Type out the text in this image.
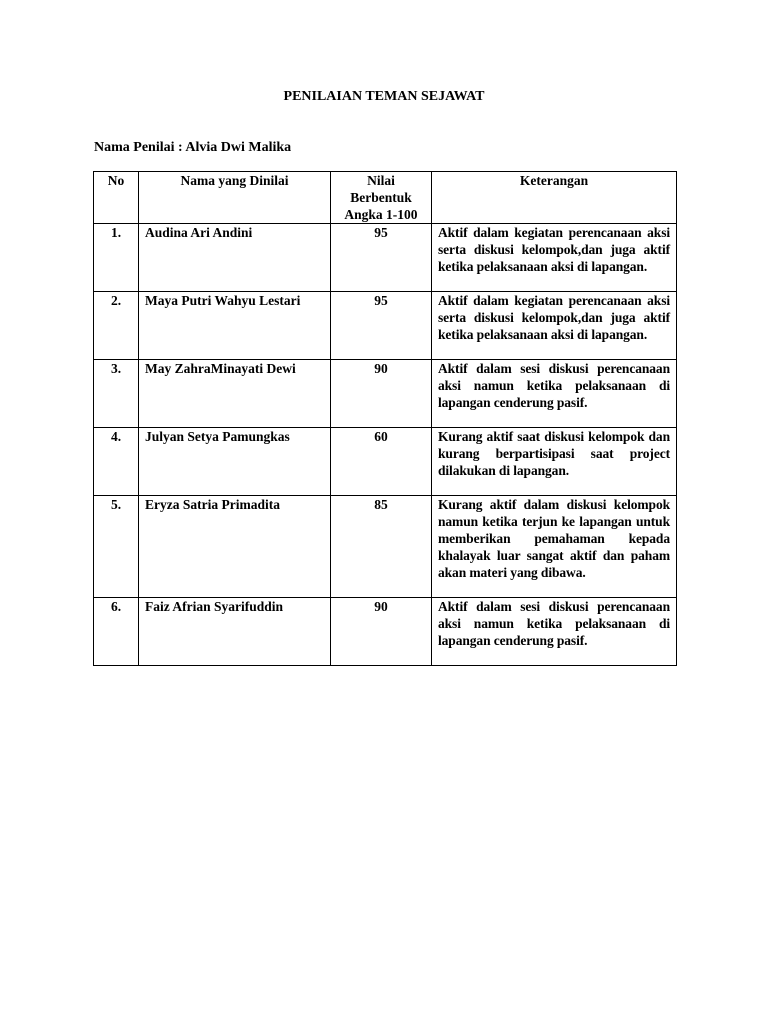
PENILAIAN TEMAN SEJAWAT
Nama Penilai : Alvia Dwi Malika
No	Nama yang Dinilai	Nilai Berbentuk Angka 1-100	Keterangan
1.	Audina Ari Andini	95	Aktif dalam kegiatan perencanaan aksi serta diskusi kelompok,dan juga aktif ketika pelaksanaan aksi di lapangan.
2.	Maya Putri Wahyu Lestari	95	Aktif dalam kegiatan perencanaan aksi serta diskusi kelompok,dan juga aktif ketika pelaksanaan aksi di lapangan.
3.	May ZahraMinayati Dewi	90	Aktif dalam sesi diskusi perencanaan aksi namun ketika pelaksanaan di lapangan cenderung pasif.
4.	Julyan Setya Pamungkas	60	Kurang aktif saat diskusi kelompok dan kurang berpartisipasi saat project dilakukan di lapangan.
5.	Eryza Satria Primadita	85	Kurang aktif dalam diskusi kelompok namun ketika terjun ke lapangan untuk memberikan pemahaman kepada khalayak luar sangat aktif dan paham akan materi yang dibawa.
6.	Faiz Afrian Syarifuddin	90	Aktif dalam sesi diskusi perencanaan aksi namun ketika pelaksanaan di lapangan cenderung pasif.
